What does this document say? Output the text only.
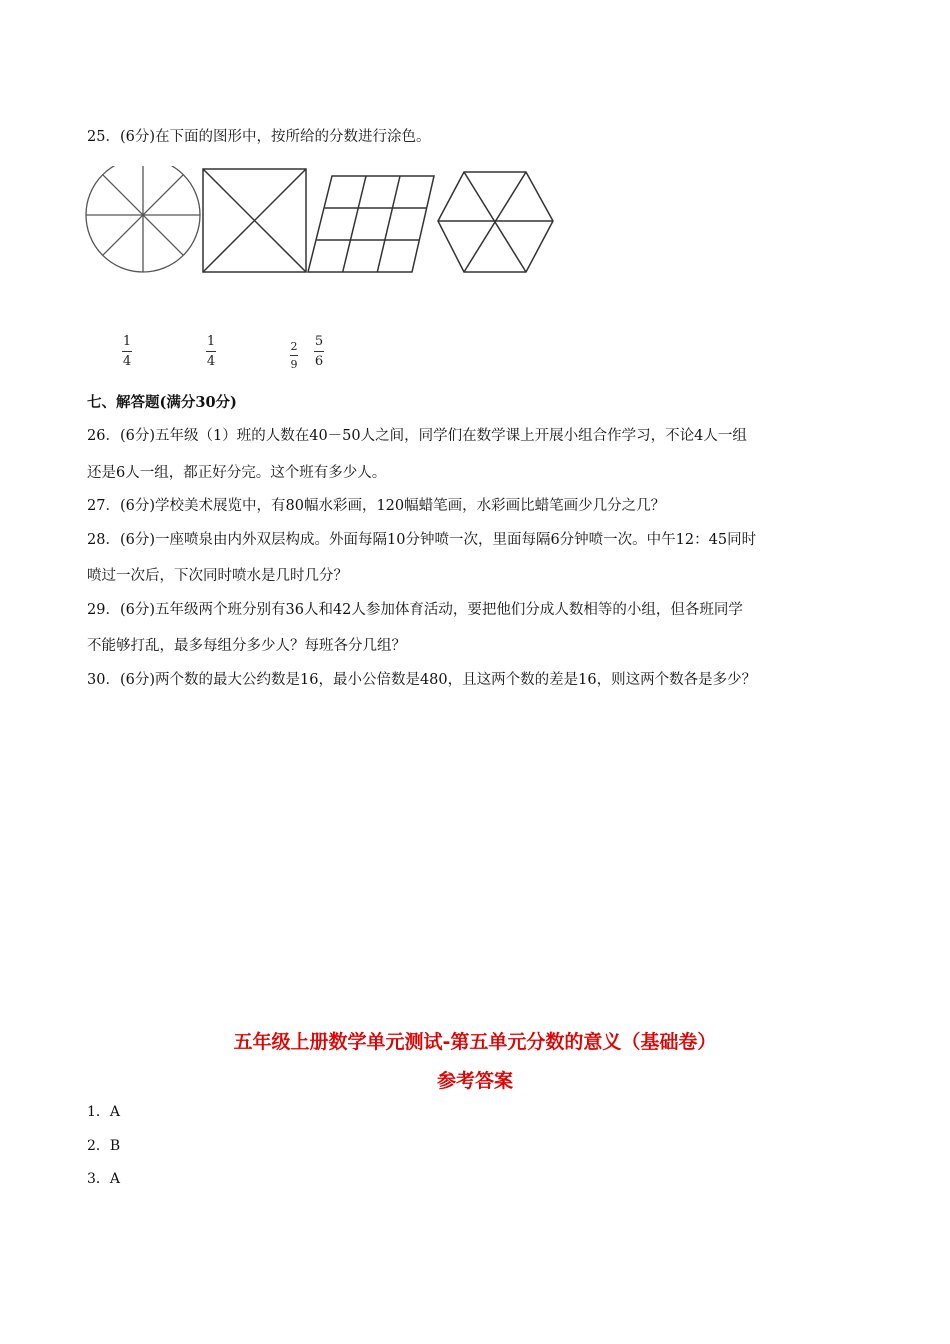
25．(6分)在下面的图形中，按所给的分数进行涂色。
1
4
1
4
2
9
5
6
七、解答题(满分30分)
26．(6分)五年级（1）班的人数在40－50人之间，同学们在数学课上开展小组合作学习，不论4人一组
还是6人一组，都正好分完。这个班有多少人。
27．(6分)学校美术展览中，有80幅水彩画，120幅蜡笔画，水彩画比蜡笔画少几分之几？
28．(6分)一座喷泉由内外双层构成。外面每隔10分钟喷一次，里面每隔6分钟喷一次。中午12：45同时
喷过一次后，下次同时喷水是几时几分？
29．(6分)五年级两个班分别有36人和42人参加体育活动，要把他们分成人数相等的小组，但各班同学
不能够打乱，最多每组分多少人？每班各分几组？
30．(6分)两个数的最大公约数是16，最小公倍数是480，且这两个数的差是16，则这两个数各是多少？
五年级上册数学单元测试-第五单元分数的意义（基础卷）
参考答案
1．A
2．B
3．A
